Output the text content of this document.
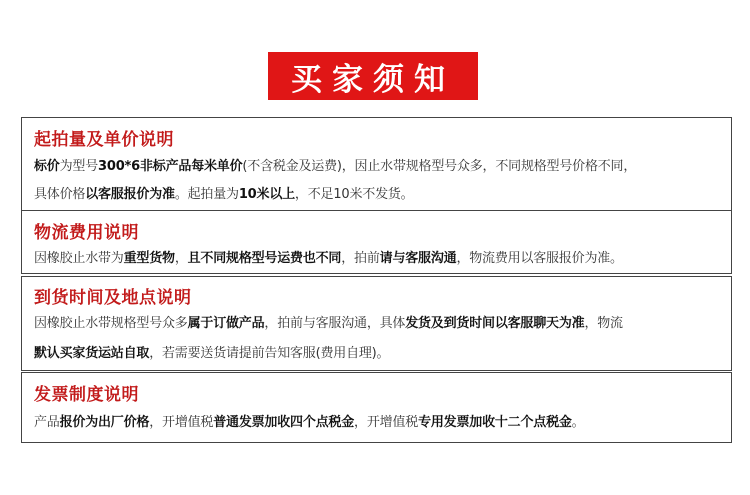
买家须知
起拍量及单价说明
标价为型号300*6非标产品每米单价(不含税金及运费)，因止水带规格型号众多，不同规格型号价格不同，
具体价格以客服报价为准。起拍量为10米以上，不足10米不发货。
物流费用说明
因橡胶止水带为重型货物，且不同规格型号运费也不同，拍前请与客服沟通，物流费用以客服报价为准。
到货时间及地点说明
因橡胶止水带规格型号众多属于订做产品，拍前与客服沟通，具体发货及到货时间以客服聊天为准，物流
默认买家货运站自取，若需要送货请提前告知客服(费用自理)。
发票制度说明
产品报价为出厂价格，开增值税普通发票加收四个点税金，开增值税专用发票加收十二个点税金。
